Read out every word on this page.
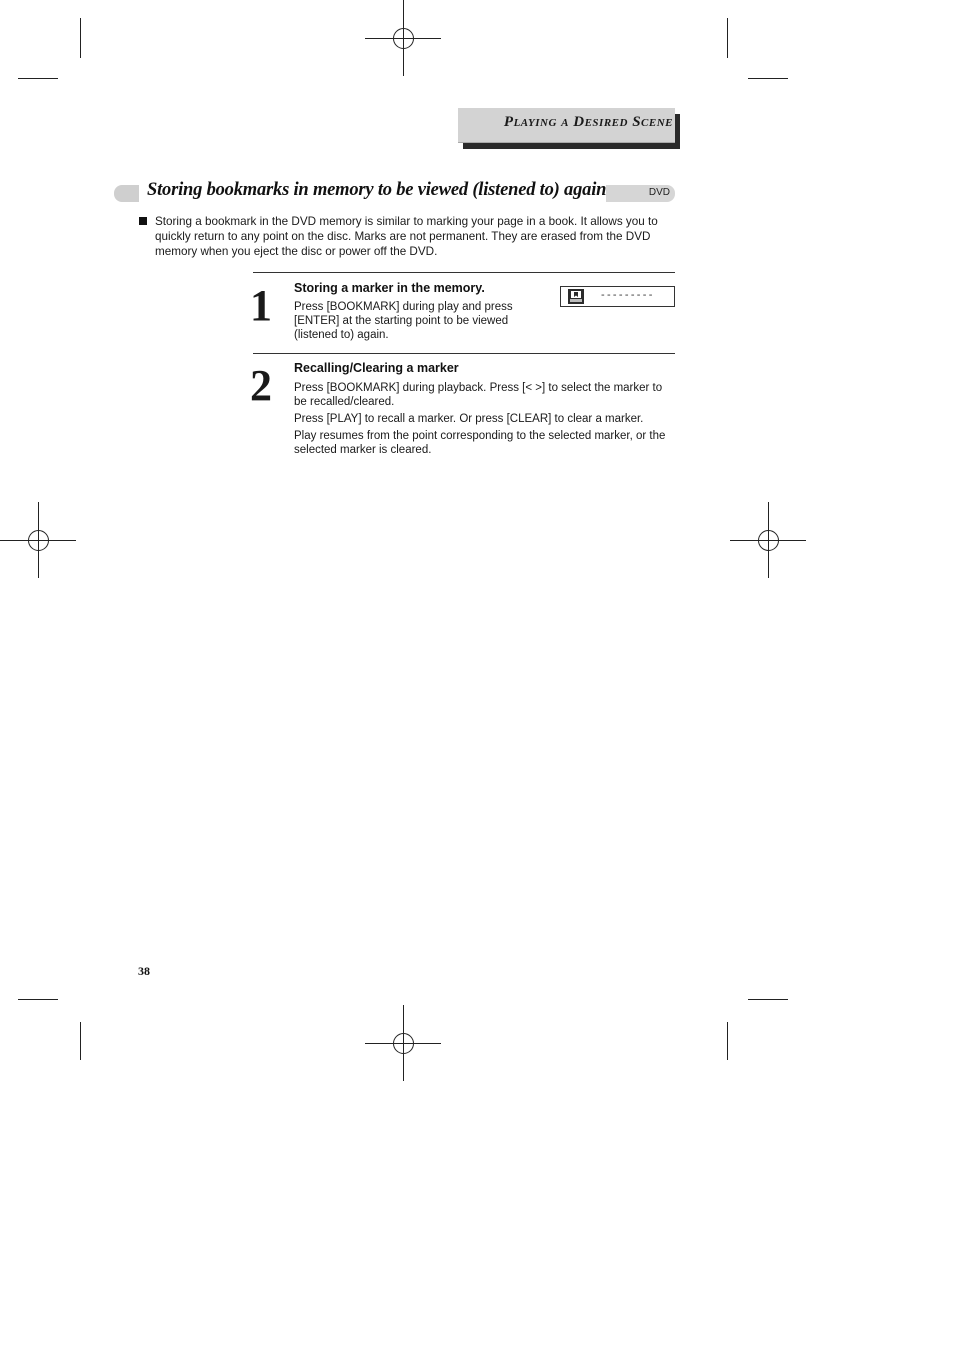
Playing a Desired Scene
Storing bookmarks in memory to be viewed (listened to) again	DVD
Storing a bookmark in the DVD memory is similar to marking your page in a book. It allows you to quickly return to any point on the disc. Marks are not permanent. They are erased from the DVD memory when you eject the disc or power off the DVD.
1 Storing a marker in the memory.

Press [BOOKMARK] during play and press [ENTER] at the starting point to be viewed (listened to) again.

---------
2 Recalling/Clearing a marker

Press [BOOKMARK] during playback. Press [< >] to select the marker to be recalled/cleared.

Press [PLAY] to recall a marker. Or press [CLEAR] to clear a marker.

Play resumes from the point corresponding to the selected marker, or the selected marker is cleared.

38
